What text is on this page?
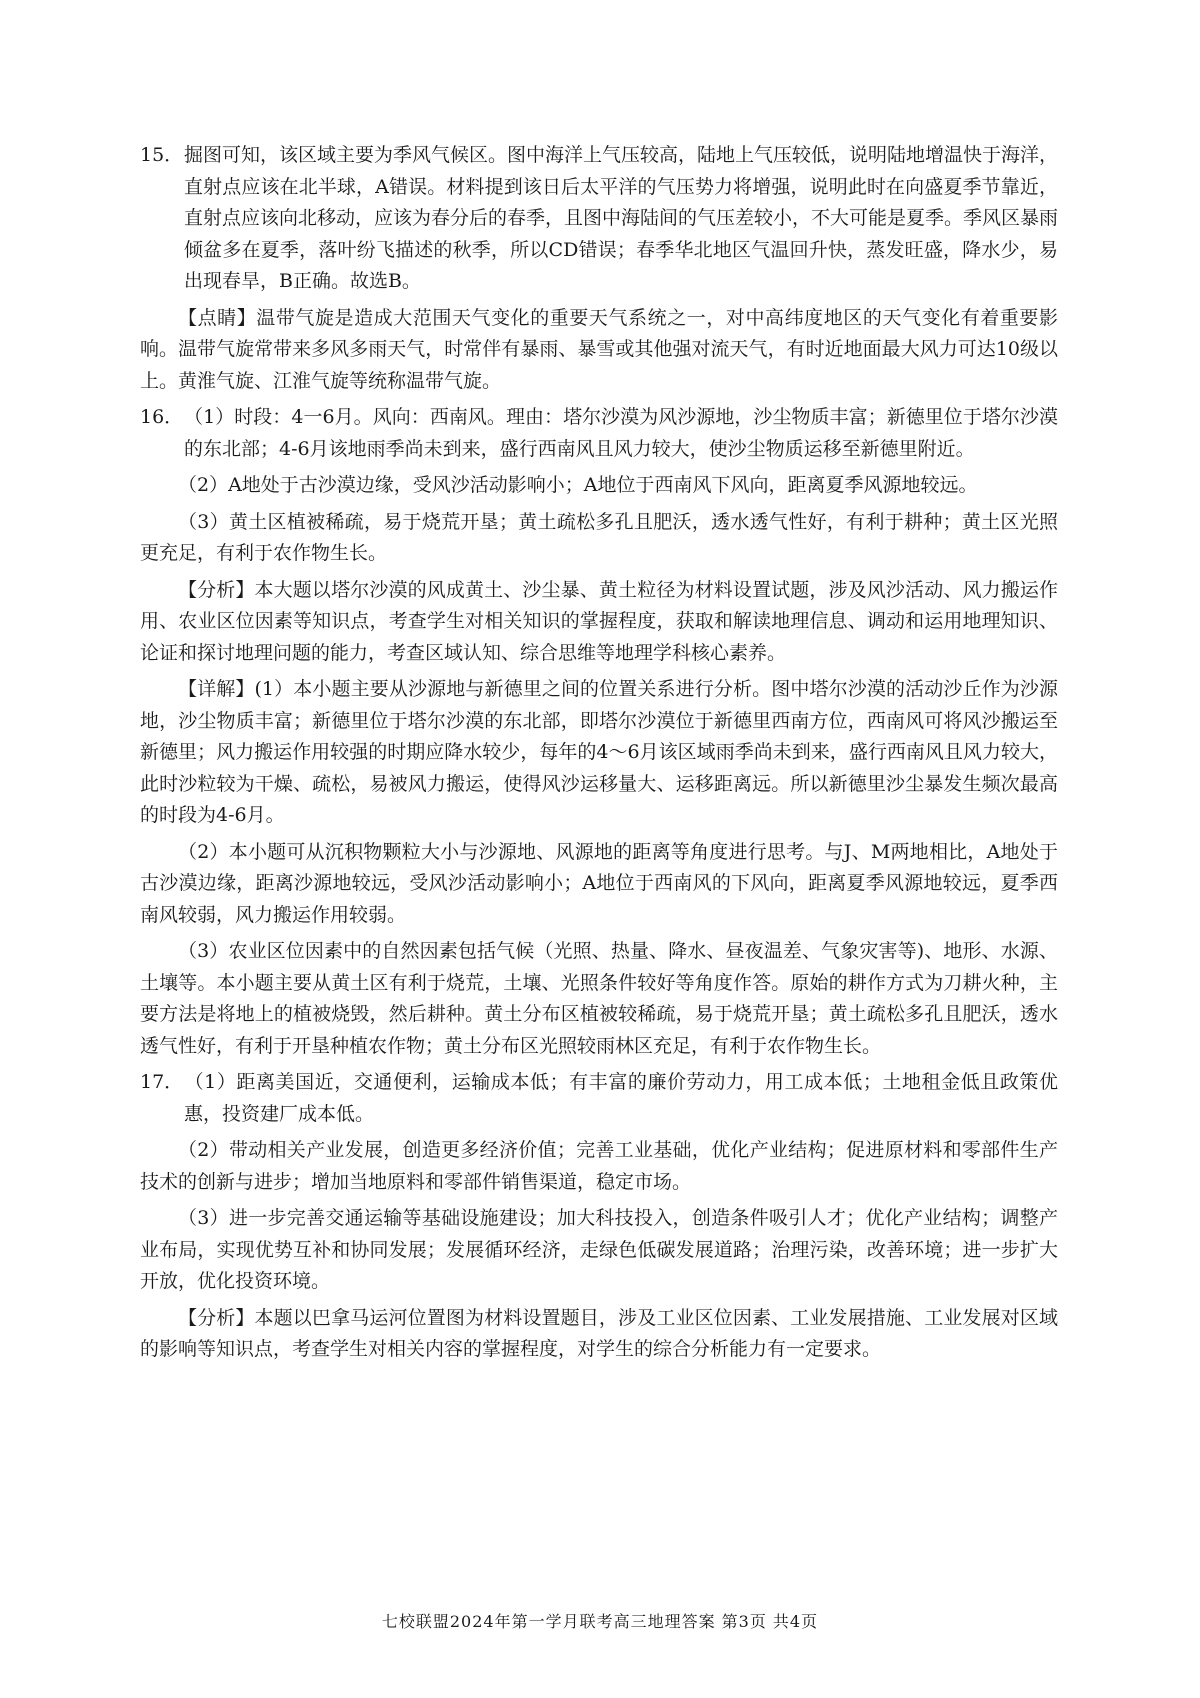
15．掘图可知，该区域主要为季风气候区。图中海洋上气压较高，陆地上气压较低，说明陆地增温快于海洋，直射点应该在北半球，A错误。材料提到该日后太平洋的气压势力将增强，说明此时在向盛夏季节靠近，直射点应该向北移动，应该为春分后的春季，且图中海陆间的气压差较小，不大可能是夏季。季风区暴雨倾盆多在夏季，落叶纷飞描述的秋季，所以CD错误；春季华北地区气温回升快，蒸发旺盛，降水少，易出现春旱，B正确。故选B。
【点睛】温带气旋是造成大范围天气变化的重要天气系统之一，对中高纬度地区的天气变化有着重要影响。温带气旋常带来多风多雨天气，时常伴有暴雨、暴雪或其他强对流天气，有时近地面最大风力可达10级以上。黄淮气旋、江淮气旋等统称温带气旋。
16．（1）时段：4一6月。风向：西南风。理由：塔尔沙漠为风沙源地，沙尘物质丰富；新德里位于塔尔沙漠的东北部；4-6月该地雨季尚未到来，盛行西南风且风力较大，使沙尘物质运移至新德里附近。
（2）A地处于古沙漠边缘，受风沙活动影响小；A地位于西南风下风向，距离夏季风源地较远。
（3）黄土区植被稀疏，易于烧荒开垦；黄土疏松多孔且肥沃，透水透气性好，有利于耕种；黄土区光照更充足，有利于农作物生长。
【分析】本大题以塔尔沙漠的风成黄土、沙尘暴、黄土粒径为材料设置试题，涉及风沙活动、风力搬运作用、农业区位因素等知识点，考查学生对相关知识的掌握程度，获取和解读地理信息、调动和运用地理知识、论证和探讨地理问题的能力，考查区域认知、综合思维等地理学科核心素养。
【详解】(1）本小题主要从沙源地与新德里之间的位置关系进行分析。图中塔尔沙漠的活动沙丘作为沙源地，沙尘物质丰富；新德里位于塔尔沙漠的东北部，即塔尔沙漠位于新德里西南方位，西南风可将风沙搬运至新德里；风力搬运作用较强的时期应降水较少，每年的4～6月该区域雨季尚未到来，盛行西南风且风力较大，此时沙粒较为干燥、疏松，易被风力搬运，使得风沙运移量大、运移距离远。所以新德里沙尘暴发生频次最高的时段为4-6月。
（2）本小题可从沉积物颗粒大小与沙源地、风源地的距离等角度进行思考。与J、M两地相比，A地处于古沙漠边缘，距离沙源地较远，受风沙活动影响小；A地位于西南风的下风向，距离夏季风源地较远，夏季西南风较弱，风力搬运作用较弱。
（3）农业区位因素中的自然因素包括气候（光照、热量、降水、昼夜温差、气象灾害等)、地形、水源、土壤等。本小题主要从黄土区有利于烧荒，土壤、光照条件较好等角度作答。原始的耕作方式为刀耕火种，主要方法是将地上的植被烧毁，然后耕种。黄土分布区植被较稀疏，易于烧荒开垦；黄土疏松多孔且肥沃，透水透气性好，有利于开垦种植农作物；黄土分布区光照较雨林区充足，有利于农作物生长。
17．（1）距离美国近，交通便利，运输成本低；有丰富的廉价劳动力，用工成本低；土地租金低且政策优惠，投资建厂成本低。
（2）带动相关产业发展，创造更多经济价值；完善工业基础，优化产业结构；促进原材料和零部件生产技术的创新与进步；增加当地原料和零部件销售渠道，稳定市场。
（3）进一步完善交通运输等基础设施建设；加大科技投入，创造条件吸引人才；优化产业结构；调整产业布局，实现优势互补和协同发展；发展循环经济，走绿色低碳发展道路；治理污染，改善环境；进一步扩大开放，优化投资环境。
【分析】本题以巴拿马运河位置图为材料设置题目，涉及工业区位因素、工业发展措施、工业发展对区域的影响等知识点，考查学生对相关内容的掌握程度，对学生的综合分析能力有一定要求。
七校联盟2024年第一学月联考高三地理答案 第3页 共4页
